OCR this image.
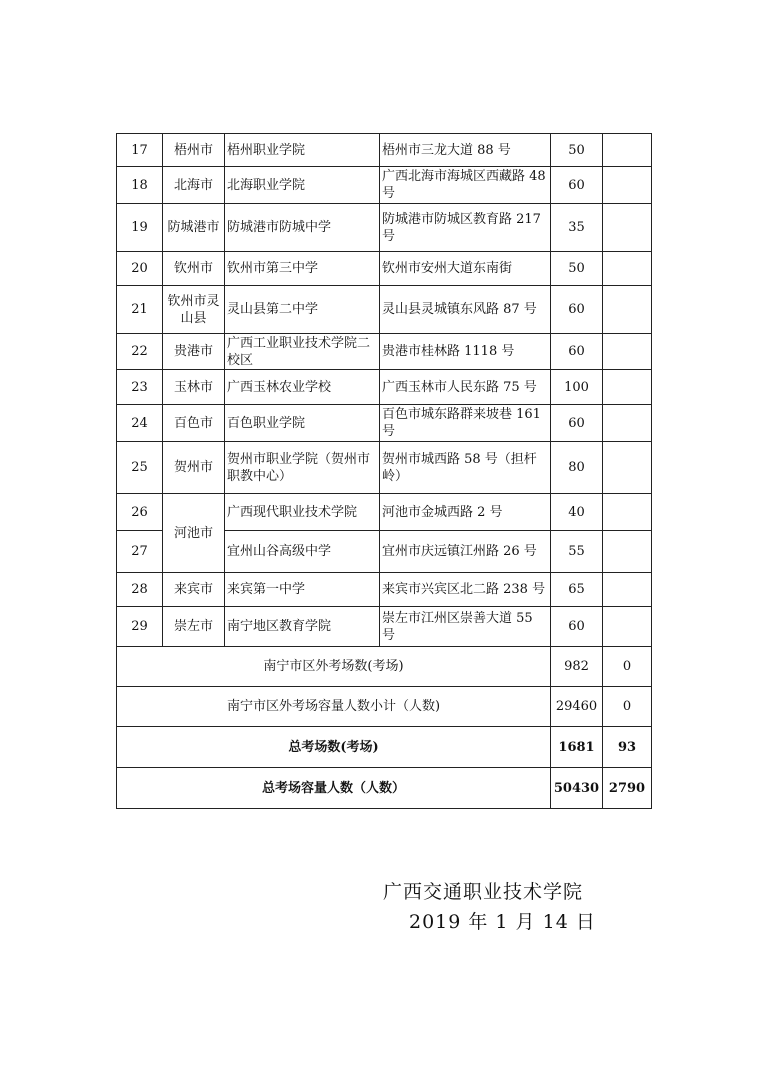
17	梧州市	梧州职业学院	梧州市三龙大道 88 号	50	
18	北海市	北海职业学院	广西北海市海城区西藏路 48 号	60	
19	防城港市	防城港市防城中学	防城港市防城区教育路 217 号	35	
20	钦州市	钦州市第三中学	钦州市安州大道东南街	50	
21	钦州市灵山县	灵山县第二中学	灵山县灵城镇东风路 87 号	60	
22	贵港市	广西工业职业技术学院二校区	贵港市桂林路 1118 号	60	
23	玉林市	广西玉林农业学校	广西玉林市人民东路 75 号	100	
24	百色市	百色职业学院	百色市城东路群来坡巷 161 号	60	
25	贺州市	贺州市职业学院（贺州市职教中心）	贺州市城西路 58 号（担杆岭）	80	
26	河池市	广西现代职业技术学院	河池市金城西路 2 号	40	
27		宜州山谷高级中学	宜州市庆远镇江州路 26 号	55	
28	来宾市	来宾第一中学	来宾市兴宾区北二路 238 号	65	
29	崇左市	南宁地区教育学院	崇左市江州区崇善大道 55 号	60	
南宁市区外考场数(考场)				982	0
南宁市区外考场容量人数小计（人数)				29460	0
总考场数(考场)				1681	93
总考场容量人数（人数）				50430	2790
广西交通职业技术学院
2019 年 1 月 14 日
